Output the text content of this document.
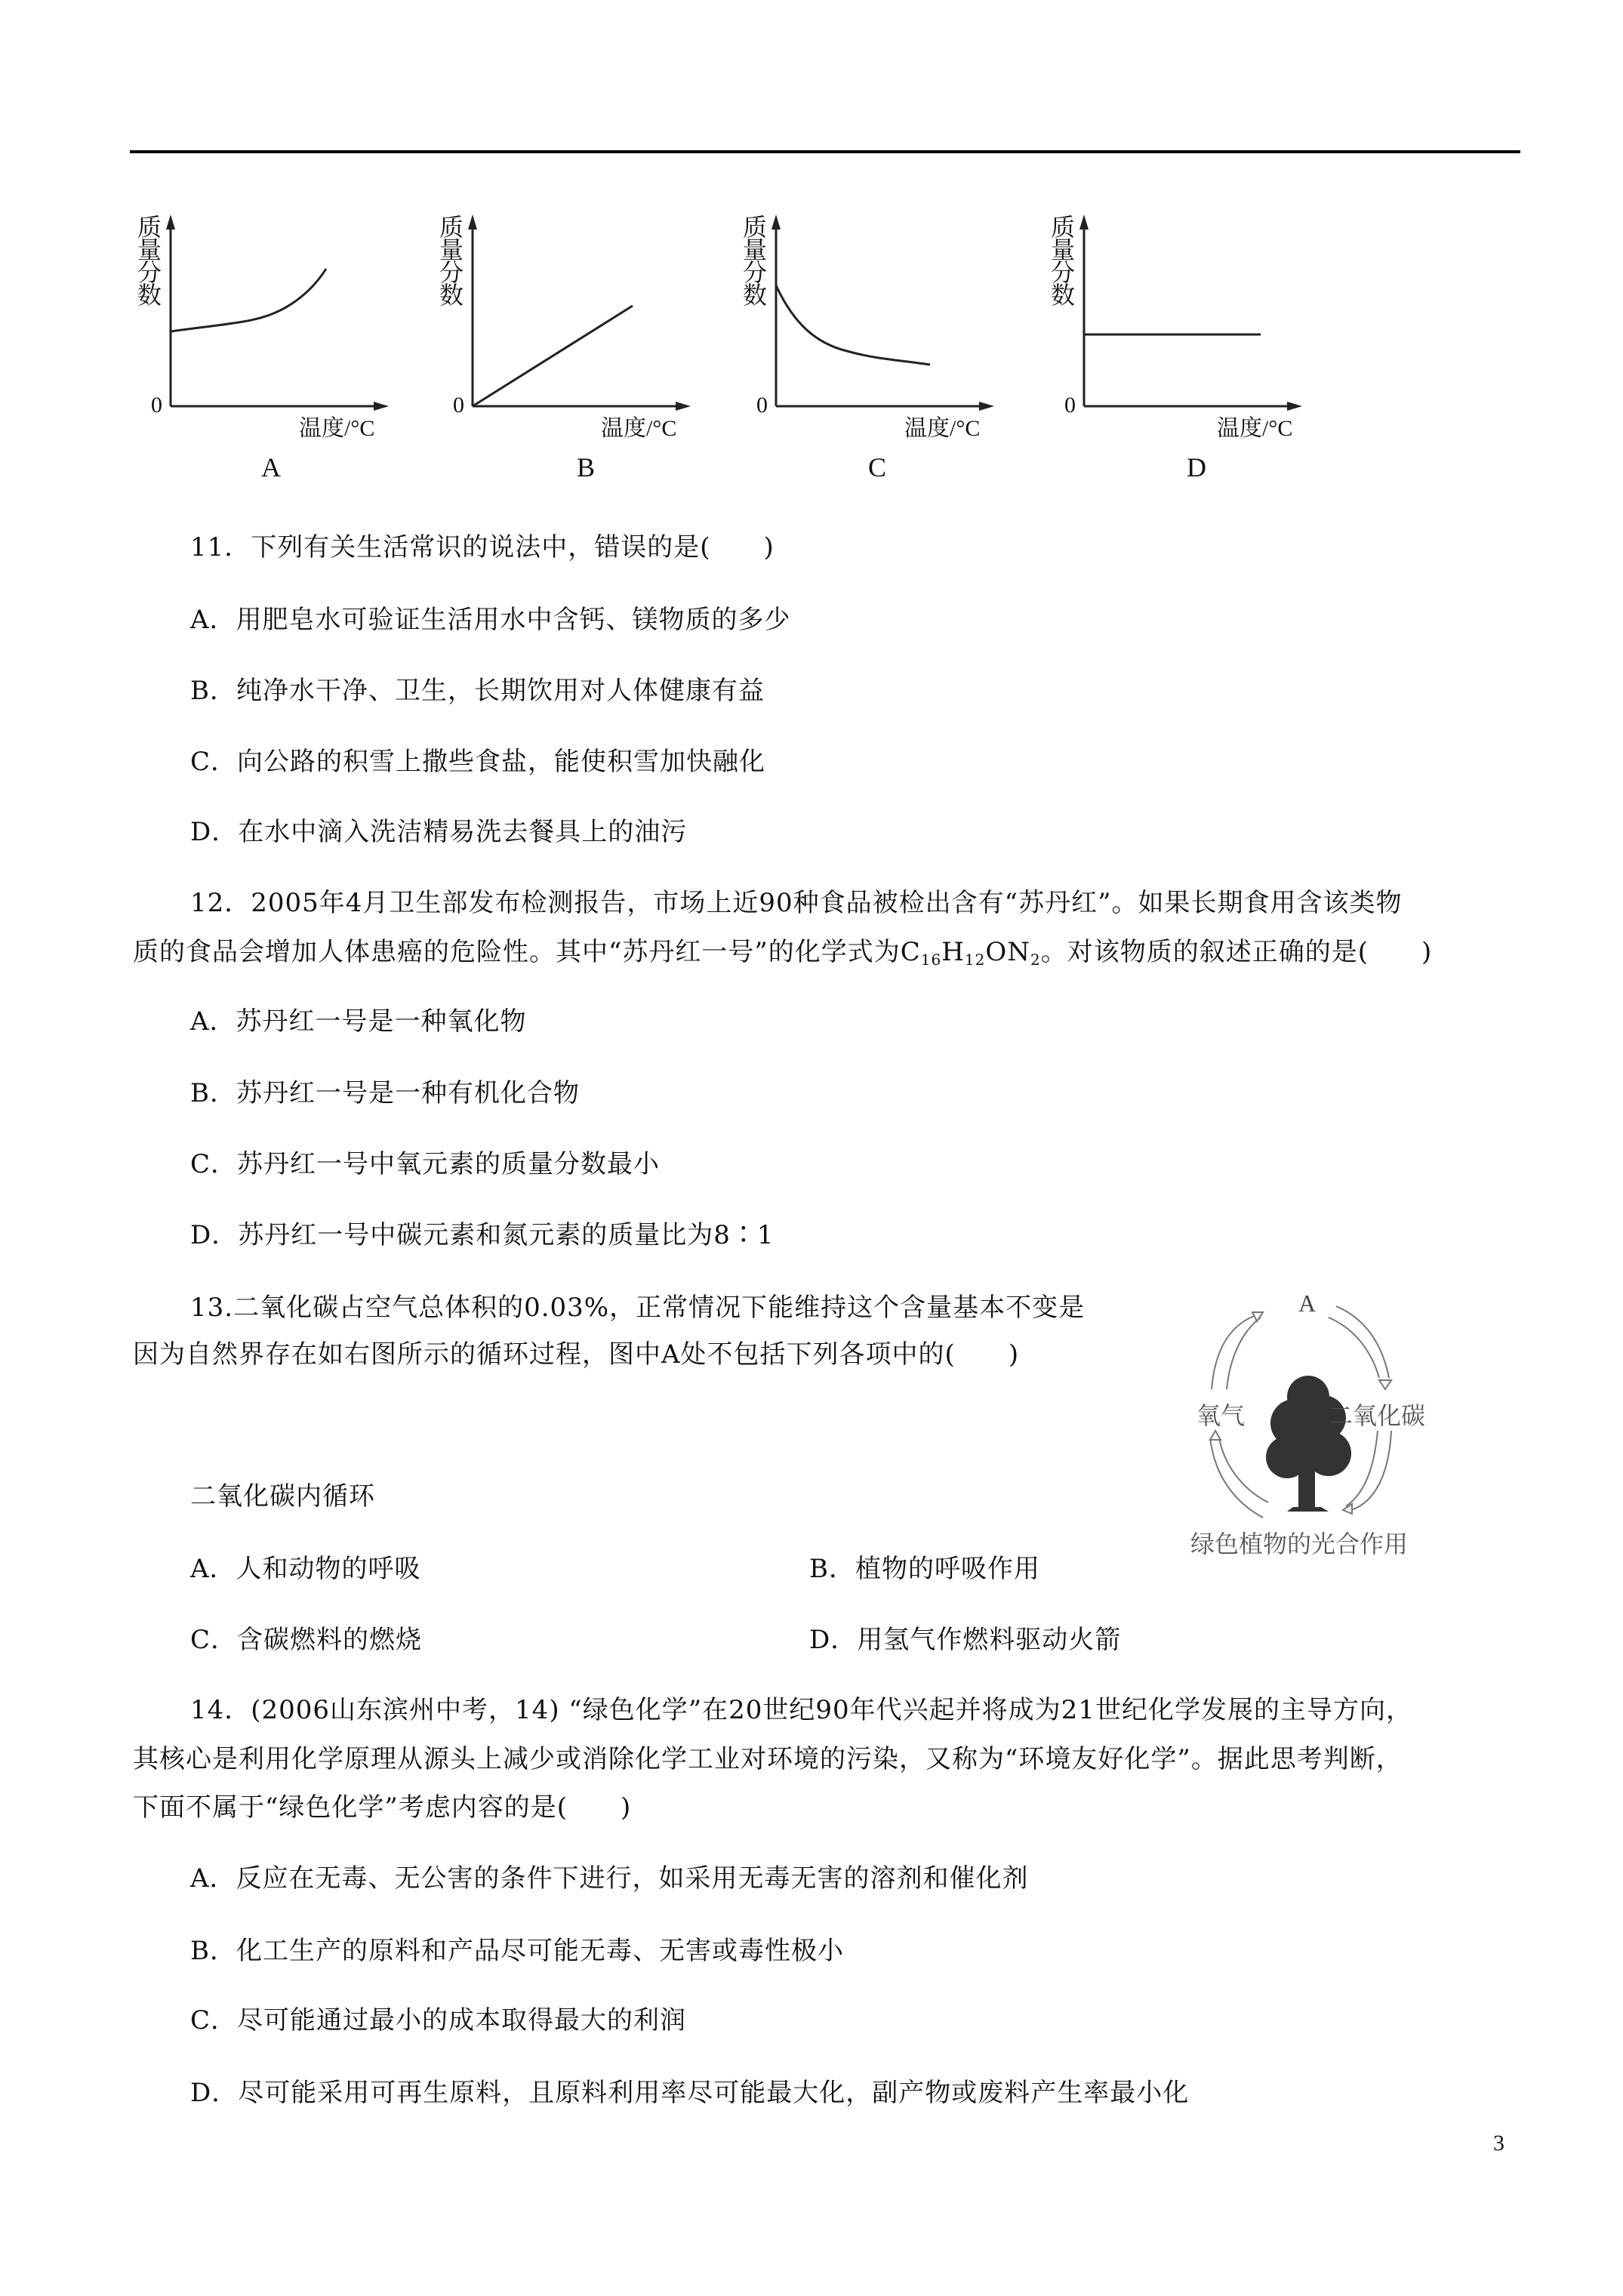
质
量
分
数
0
温度/°C
A
质
量
分
数
0
温度/°C
B
质
量
分
数
0
温度/°C
C
质
量
分
数
0
温度/°C
D
11．下列有关生活常识的说法中，错误的是(　　)
A．用肥皂水可验证生活用水中含钙、镁物质的多少
B．纯净水干净、卫生，长期饮用对人体健康有益
C．向公路的积雪上撒些食盐，能使积雪加快融化
D．在水中滴入洗洁精易洗去餐具上的油污
12．2005年4月卫生部发布检测报告，市场上近90种食品被检出含有“苏丹红”。如果长期食用含该类物
质的食品会增加人体患癌的危险性。其中“苏丹红一号”的化学式为$C_{16}H_{12}ON_2$。对该物质的叙述正确的是(　　)
A．苏丹红一号是一种氧化物
B．苏丹红一号是一种有机化合物
C．苏丹红一号中氧元素的质量分数最小
D．苏丹红一号中碳元素和氮元素的质量比为8∶1
13.二氧化碳占空气总体积的0.03%，正常情况下能维持这个含量基本不变是
因为自然界存在如右图所示的循环过程，图中A处不包括下列各项中的(　　)
二氧化碳内循环
A．人和动物的呼吸	B．植物的呼吸作用
C．含碳燃料的燃烧	D．用氢气作燃料驱动火箭
A
氧气	二氧化碳
绿色植物的光合作用
14．(2006山东滨州中考，14) “绿色化学”在20世纪90年代兴起并将成为21世纪化学发展的主导方向，
其核心是利用化学原理从源头上减少或消除化学工业对环境的污染，又称为“环境友好化学”。据此思考判断，
下面不属于“绿色化学”考虑内容的是(　　)
A．反应在无毒、无公害的条件下进行，如采用无毒无害的溶剂和催化剂
B．化工生产的原料和产品尽可能无毒、无害或毒性极小
C．尽可能通过最小的成本取得最大的利润
D．尽可能采用可再生原料，且原料利用率尽可能最大化，副产物或废料产生率最小化
3
